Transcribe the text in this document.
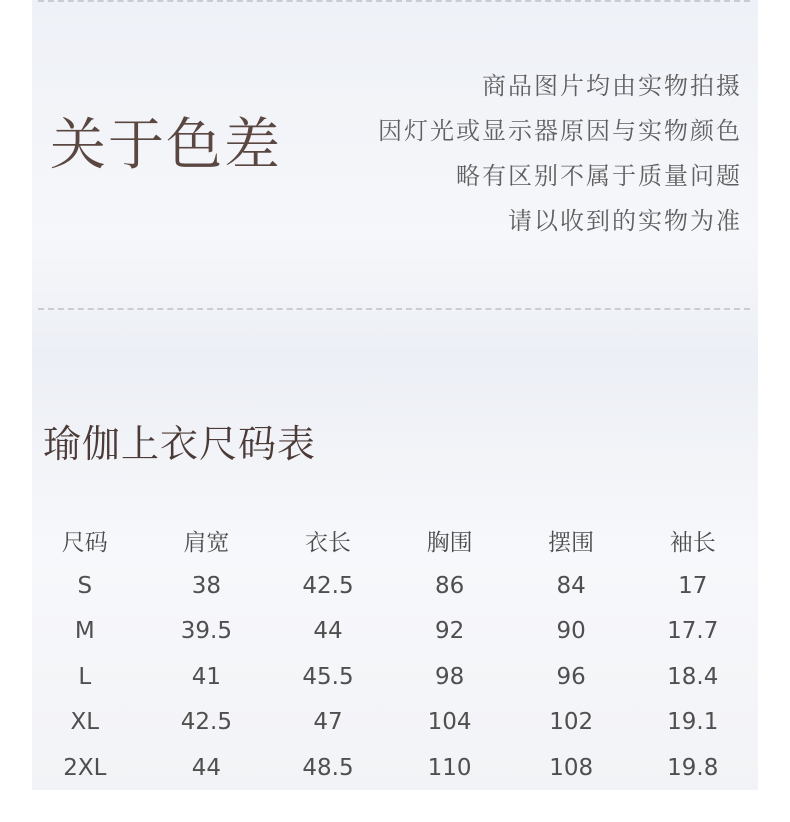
关于色差
商品图片均由实物拍摄
因灯光或显示器原因与实物颜色
略有区别不属于质量问题
请以收到的实物为准
瑜伽上衣尺码表
尺码	肩宽	衣长	胸围	摆围	袖长
S	38	42.5	86	84	17
M	39.5	44	92	90	17.7
L	41	45.5	98	96	18.4
XL	42.5	47	104	102	19.1
2XL	44	48.5	110	108	19.8
